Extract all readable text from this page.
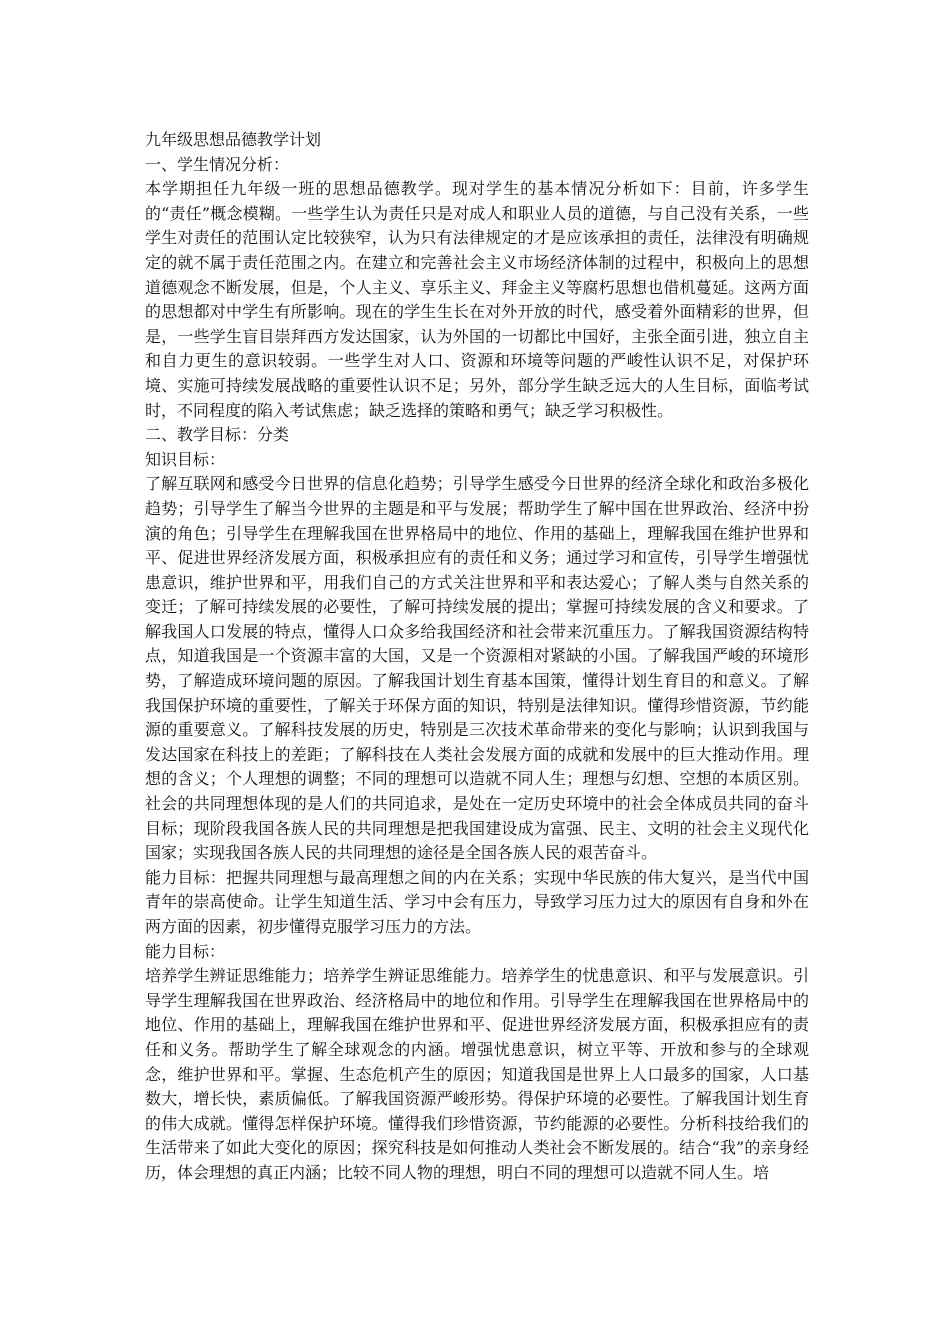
九年级思想品德教学计划

一、学生情况分析：

本学期担任九年级一班的思想品德教学。现对学生的基本情况分析如下：目前，许多学生的“责任”概念模糊。一些学生认为责任只是对成人和职业人员的道德，与自己没有关系，一些学生对责任的范围认定比较狭窄，认为只有法律规定的才是应该承担的责任，法律没有明确规定的就不属于责任范围之内。在建立和完善社会主义市场经济体制的过程中，积极向上的思想道德观念不断发展，但是，个人主义、享乐主义、拜金主义等腐朽思想也借机蔓延。这两方面的思想都对中学生有所影响。现在的学生生长在对外开放的时代，感受着外面精彩的世界，但是，一些学生盲目崇拜西方发达国家，认为外国的一切都比中国好，主张全面引进，独立自主和自力更生的意识较弱。一些学生对人口、资源和环境等问题的严峻性认识不足，对保护环境、实施可持续发展战略的重要性认识不足；另外，部分学生缺乏远大的人生目标，面临考试时，不同程度的陷入考试焦虑；缺乏选择的策略和勇气；缺乏学习积极性。

二、教学目标：分类

知识目标：

了解互联网和感受今日世界的信息化趋势；引导学生感受今日世界的经济全球化和政治多极化趋势；引导学生了解当今世界的主题是和平与发展；帮助学生了解中国在世界政治、经济中扮演的角色；引导学生在理解我国在世界格局中的地位、作用的基础上，理解我国在维护世界和平、促进世界经济发展方面，积极承担应有的责任和义务；通过学习和宣传，引导学生增强忧患意识，维护世界和平，用我们自己的方式关注世界和平和表达爱心；了解人类与自然关系的变迁；了解可持续发展的必要性，了解可持续发展的提出；掌握可持续发展的含义和要求。了解我国人口发展的特点，懂得人口众多给我国经济和社会带来沉重压力。了解我国资源结构特点，知道我国是一个资源丰富的大国，又是一个资源相对紧缺的小国。了解我国严峻的环境形势，了解造成环境问题的原因。了解我国计划生育基本国策，懂得计划生育目的和意义。了解我国保护环境的重要性，了解关于环保方面的知识，特别是法律知识。懂得珍惜资源，节约能源的重要意义。了解科技发展的历史，特别是三次技术革命带来的变化与影响；认识到我国与发达国家在科技上的差距；了解科技在人类社会发展方面的成就和发展中的巨大推动作用。理想的含义；个人理想的调整；不同的理想可以造就不同人生；理想与幻想、空想的本质区别。社会的共同理想体现的是人们的共同追求，是处在一定历史环境中的社会全体成员共同的奋斗目标；现阶段我国各族人民的共同理想是把我国建设成为富强、民主、文明的社会主义现代化国家；实现我国各族人民的共同理想的途径是全国各族人民的艰苦奋斗。

能力目标：把握共同理想与最高理想之间的内在关系；实现中华民族的伟大复兴，是当代中国青年的崇高使命。让学生知道生活、学习中会有压力，导致学习压力过大的原因有自身和外在两方面的因素，初步懂得克服学习压力的方法。

能力目标：

培养学生辨证思维能力；培养学生辨证思维能力。培养学生的忧患意识、和平与发展意识。引导学生理解我国在世界政治、经济格局中的地位和作用。引导学生在理解我国在世界格局中的地位、作用的基础上，理解我国在维护世界和平、促进世界经济发展方面，积极承担应有的责任和义务。帮助学生了解全球观念的内涵。增强忧患意识，树立平等、开放和参与的全球观念，维护世界和平。掌握、生态危机产生的原因；知道我国是世界上人口最多的国家，人口基数大，增长快，素质偏低。了解我国资源严峻形势。得保护环境的必要性。了解我国计划生育的伟大成就。懂得怎样保护环境。懂得我们珍惜资源，节约能源的必要性。分析科技给我们的生活带来了如此大变化的原因；探究科技是如何推动人类社会不断发展的。结合“我”的亲身经历，体会理想的真正内涵；比较不同人物的理想，明白不同的理想可以造就不同人生。培
